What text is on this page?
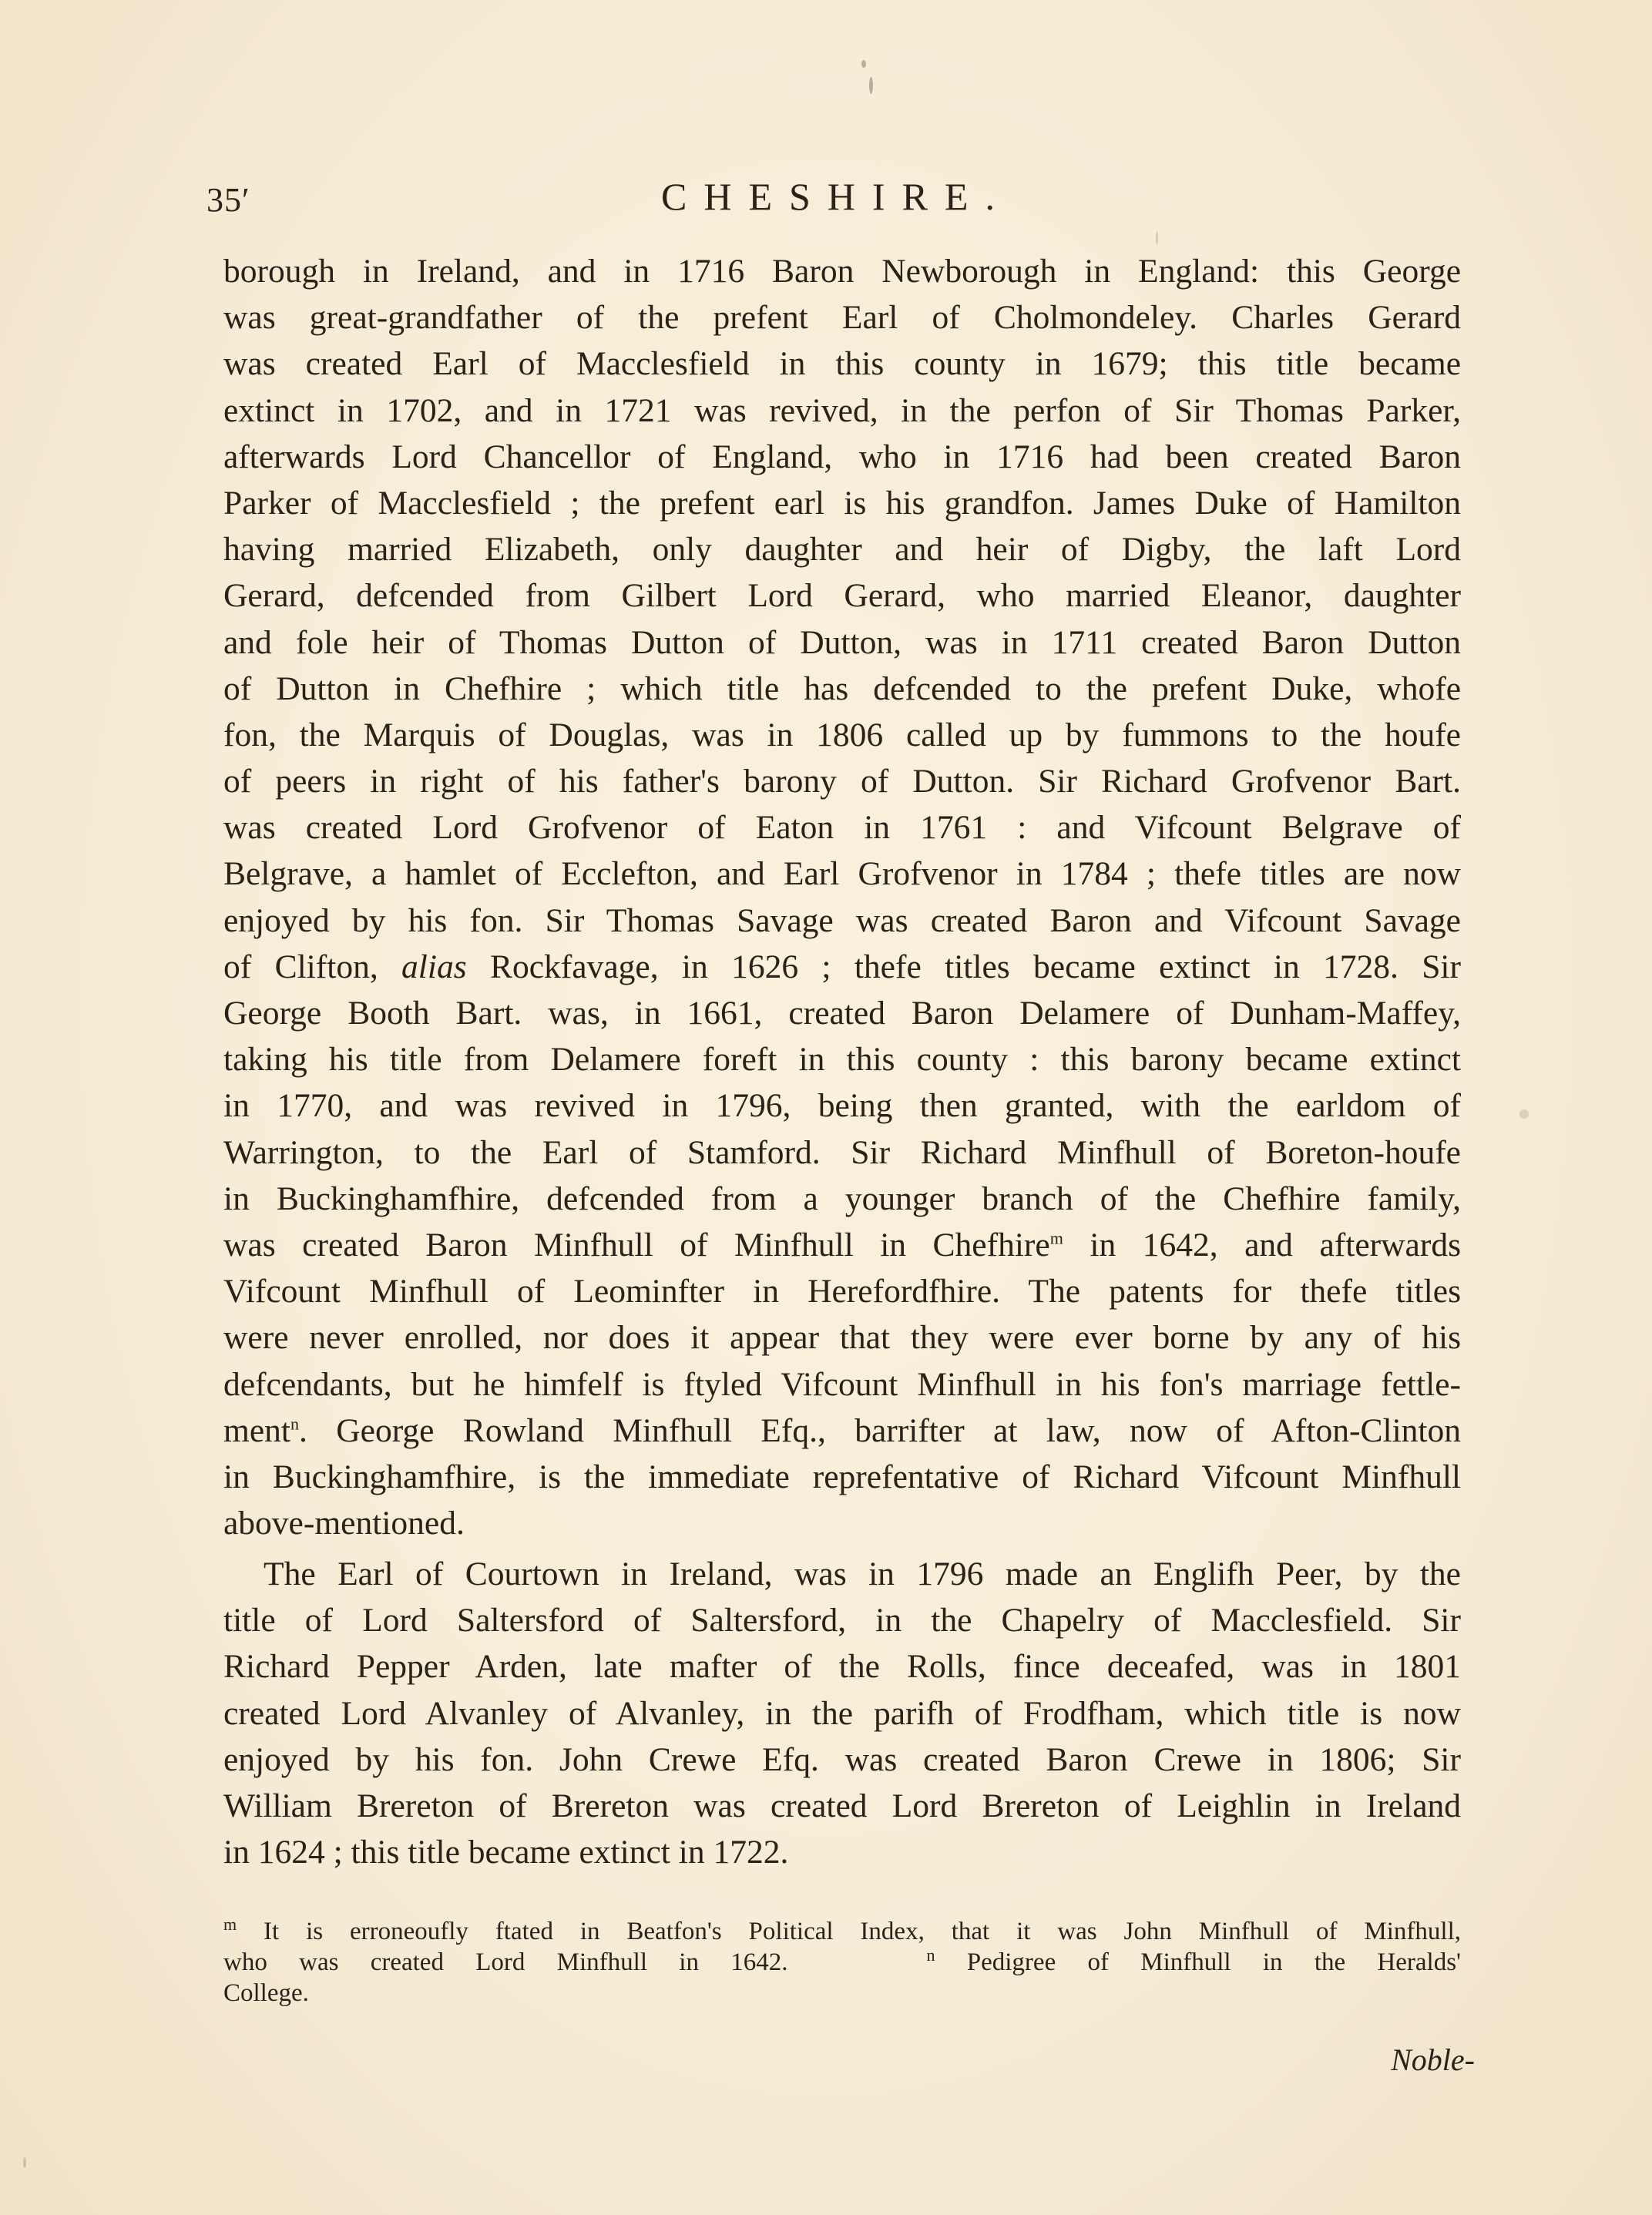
35′	CHESHIRE.
borough in Ireland, and in 1716 Baron Newborough in England: this George
was great-grandfather of the prefent Earl of Cholmondeley. Charles Gerard
was created Earl of Macclesfield in this county in 1679; this title became
extinct in 1702, and in 1721 was revived, in the perfon of Sir Thomas Parker,
afterwards Lord Chancellor of England, who in 1716 had been created Baron
Parker of Macclesfield ; the prefent earl is his grandfon. James Duke of Hamilton
having married Elizabeth, only daughter and heir of Digby, the laft Lord
Gerard, defcended from Gilbert Lord Gerard, who married Eleanor, daughter
and fole heir of Thomas Dutton of Dutton, was in 1711 created Baron Dutton
of Dutton in Chefhire ; which title has defcended to the prefent Duke, whofe
fon, the Marquis of Douglas, was in 1806 called up by fummons to the houfe
of peers in right of his father's barony of Dutton. Sir Richard Grofvenor Bart.
was created Lord Grofvenor of Eaton in 1761 : and Vifcount Belgrave of
Belgrave, a hamlet of Ecclefton, and Earl Grofvenor in 1784 ; thefe titles are now
enjoyed by his fon. Sir Thomas Savage was created Baron and Vifcount Savage
of Clifton, alias Rockfavage, in 1626 ; thefe titles became extinct in 1728. Sir
George Booth Bart. was, in 1661, created Baron Delamere of Dunham-Maffey,
taking his title from Delamere foreft in this county : this barony became extinct
in 1770, and was revived in 1796, being then granted, with the earldom of
Warrington, to the Earl of Stamford. Sir Richard Minfhull of Boreton-houfe
in Buckinghamfhire, defcended from a younger branch of the Chefhire family,
was created Baron Minfhull of Minfhull in Chefhire$^m$ in 1642, and afterwards
Vifcount Minfhull of Leominfter in Herefordfhire. The patents for thefe titles
were never enrolled, nor does it appear that they were ever borne by any of his
defcendants, but he himfelf is ftyled Vifcount Minfhull in his fon's marriage fettle-
ment$^n$. George Rowland Minfhull Efq., barrifter at law, now of Afton-Clinton
in Buckinghamfhire, is the immediate reprefentative of Richard Vifcount Minfhull
above-mentioned.
The Earl of Courtown in Ireland, was in 1796 made an Englifh Peer, by the
title of Lord Saltersford of Saltersford, in the Chapelry of Macclesfield. Sir
Richard Pepper Arden, late mafter of the Rolls, fince deceafed, was in 1801
created Lord Alvanley of Alvanley, in the parifh of Frodfham, which title is now
enjoyed by his fon. John Crewe Efq. was created Baron Crewe in 1806; Sir
William Brereton of Brereton was created Lord Brereton of Leighlin in Ireland
in 1624 ; this title became extinct in 1722.
$^m$ It is erroneoufly ftated in Beatfon's Political Index, that it was John Minfhull of Minfhull,
who was created Lord Minfhull in 1642.	$^n$ Pedigree of Minfhull in the Heralds'
College.
Noble-
